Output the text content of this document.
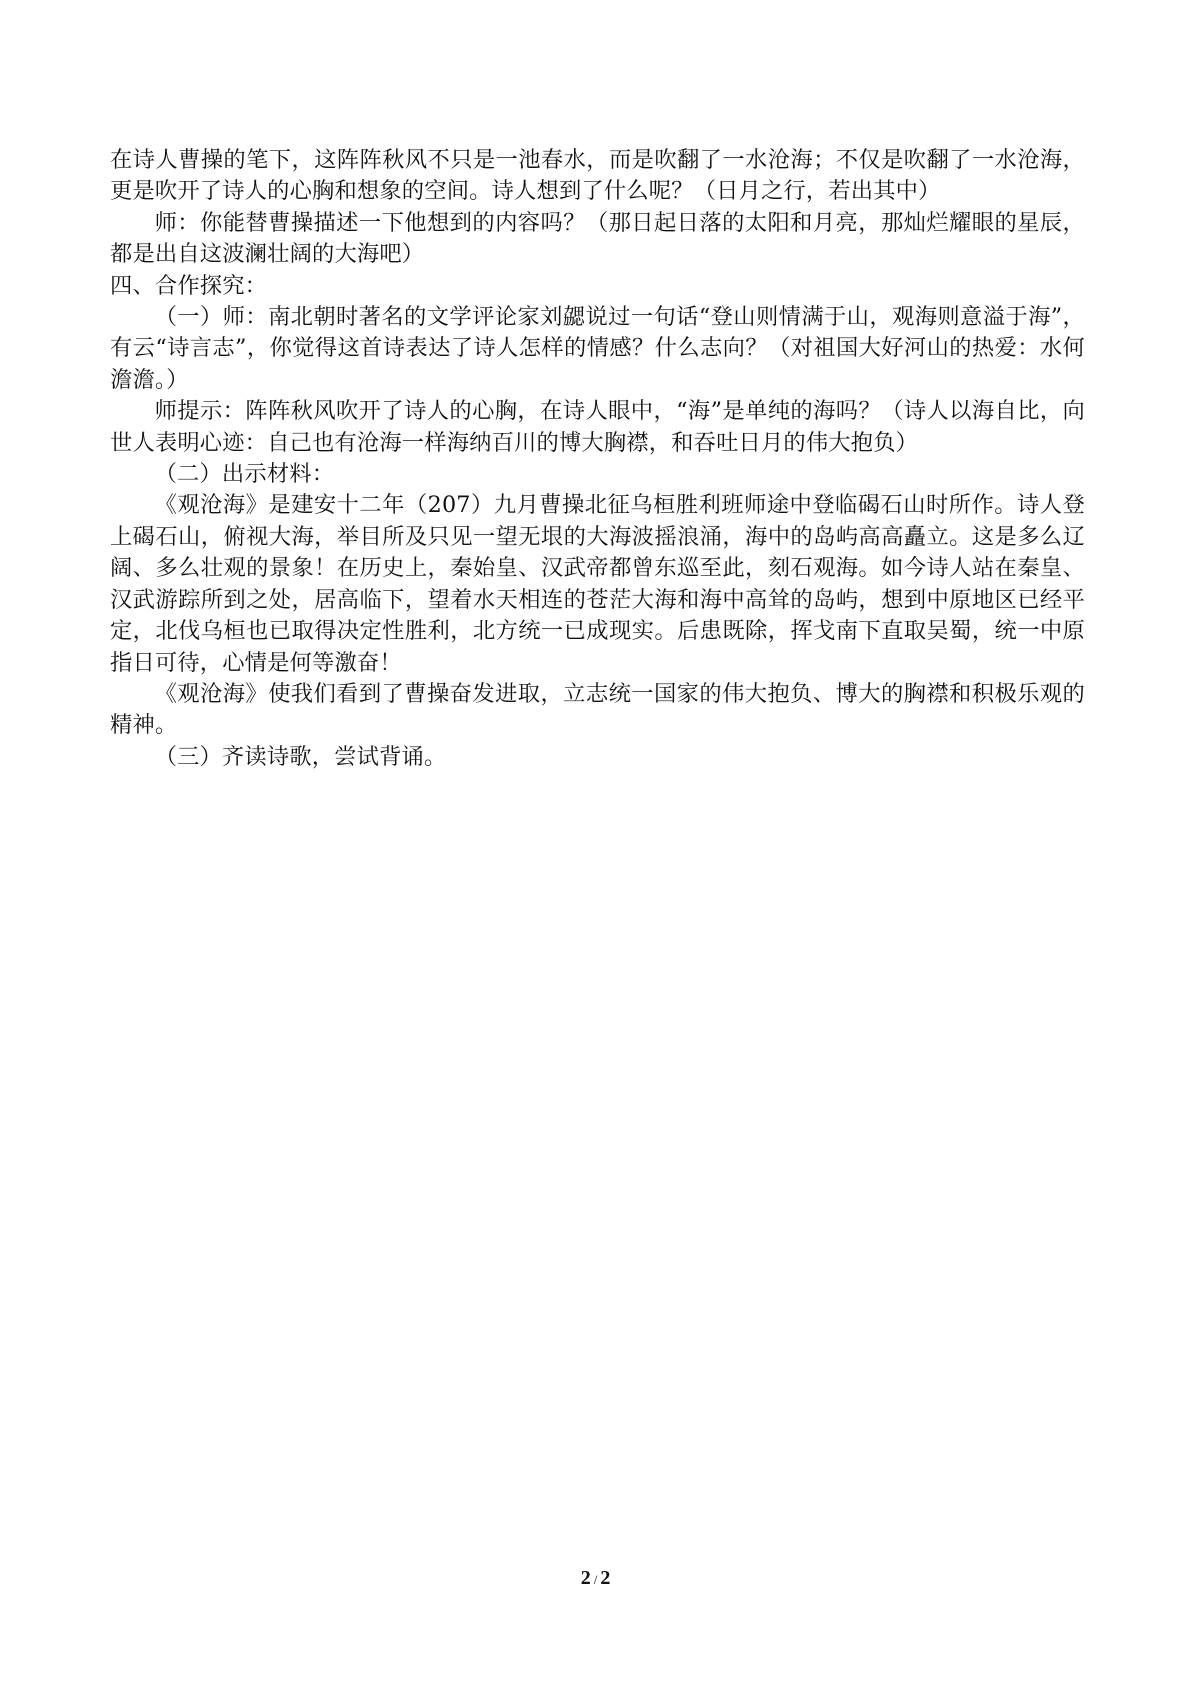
在诗人曹操的笔下，这阵阵秋风不只是一池春水，而是吹翻了一水沧海；不仅是吹翻了一水沧海，更是吹开了诗人的心胸和想象的空间。诗人想到了什么呢？（日月之行，若出其中）

师：你能替曹操描述一下他想到的内容吗？（那日起日落的太阳和月亮，那灿烂耀眼的星辰，都是出自这波澜壮阔的大海吧）

四、合作探究：

（一）师：南北朝时著名的文学评论家刘勰说过一句话“登山则情满于山，观海则意溢于海”，有云“诗言志”，你觉得这首诗表达了诗人怎样的情感？什么志向？（对祖国大好河山的热爱：水何澹澹。）

师提示：阵阵秋风吹开了诗人的心胸，在诗人眼中，“海”是单纯的海吗？（诗人以海自比，向世人表明心迹：自己也有沧海一样海纳百川的博大胸襟，和吞吐日月的伟大抱负）

（二）出示材料：

《观沧海》是建安十二年（207）九月曹操北征乌桓胜利班师途中登临碣石山时所作。诗人登上碣石山，俯视大海，举目所及只见一望无垠的大海波摇浪涌，海中的岛屿高高矗立。这是多么辽阔、多么壮观的景象！在历史上，秦始皇、汉武帝都曾东巡至此，刻石观海。如今诗人站在秦皇、汉武游踪所到之处，居高临下，望着水天相连的苍茫大海和海中高耸的岛屿，想到中原地区已经平定，北伐乌桓也已取得决定性胜利，北方统一已成现实。后患既除，挥戈南下直取吴蜀，统一中原指日可待，心情是何等激奋！

《观沧海》使我们看到了曹操奋发进取，立志统一国家的伟大抱负、博大的胸襟和积极乐观的精神。

（三）齐读诗歌，尝试背诵。

2 / 2
